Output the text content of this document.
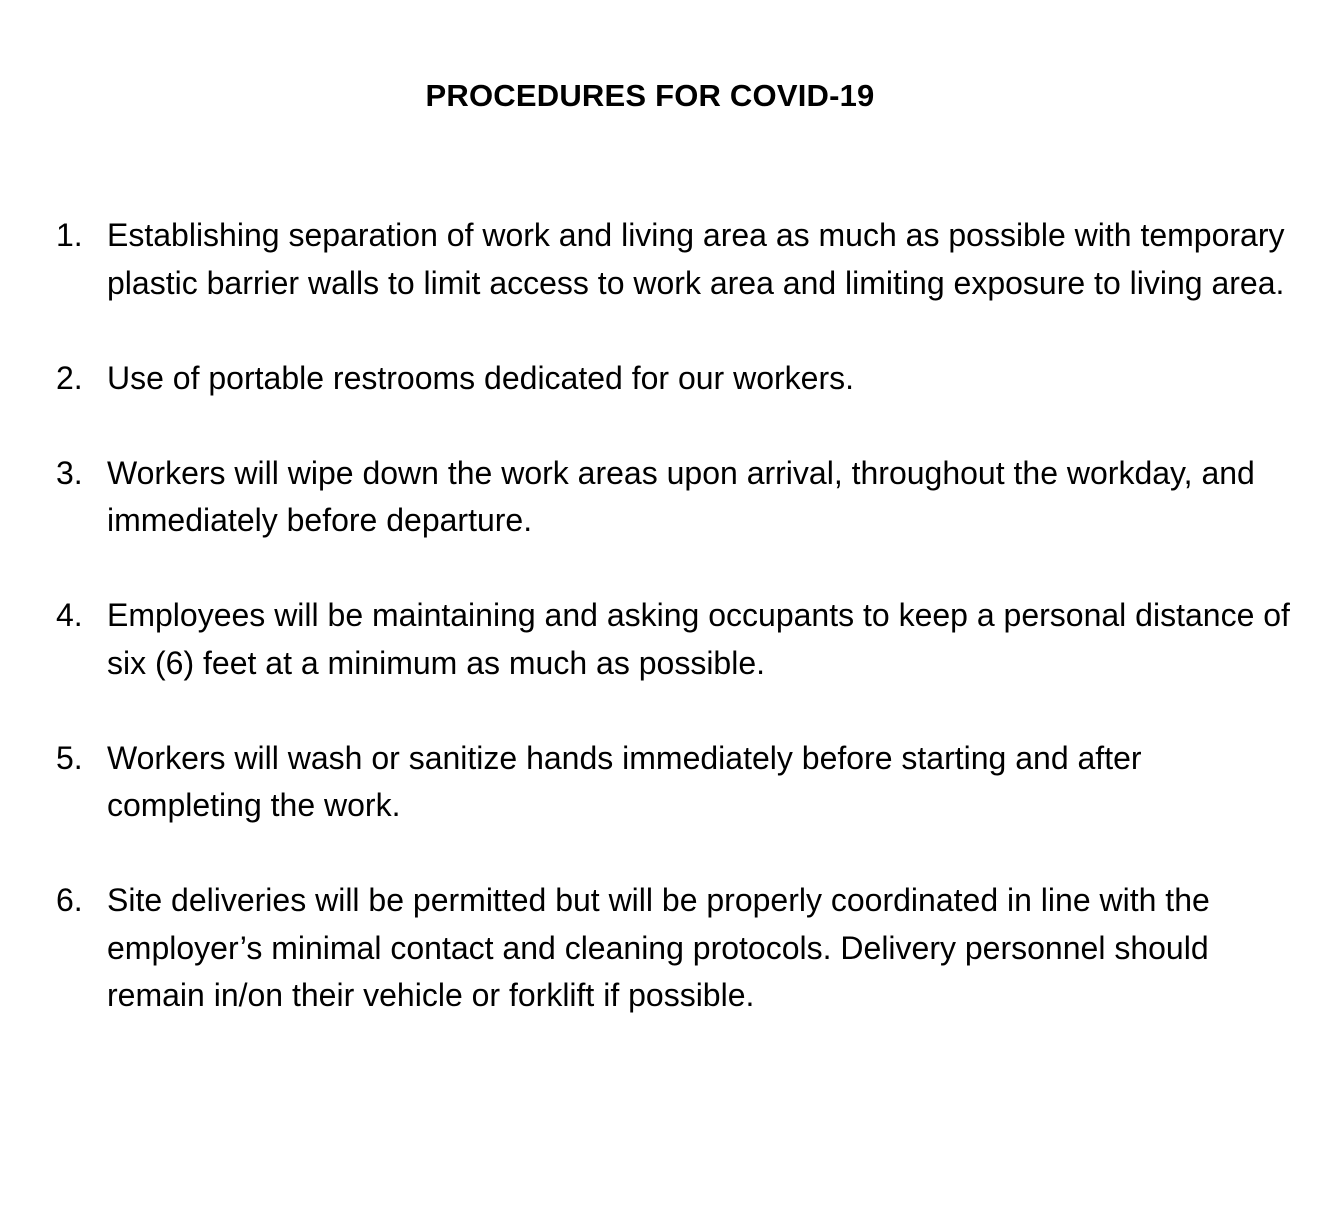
PROCEDURES FOR COVID-19
1. Establishing separation of work and living area as much as possible with temporary plastic barrier walls to limit access to work area and limiting exposure to living area.
2. Use of portable restrooms dedicated for our workers.
3. Workers will wipe down the work areas upon arrival, throughout the workday, and immediately before departure.
4. Employees will be maintaining and asking occupants to keep a personal distance of six (6) feet at a minimum as much as possible.
5. Workers will wash or sanitize hands immediately before starting and after completing the work.
6. Site deliveries will be permitted but will be properly coordinated in line with the employer’s minimal contact and cleaning protocols. Delivery personnel should remain in/on their vehicle or forklift if possible.
